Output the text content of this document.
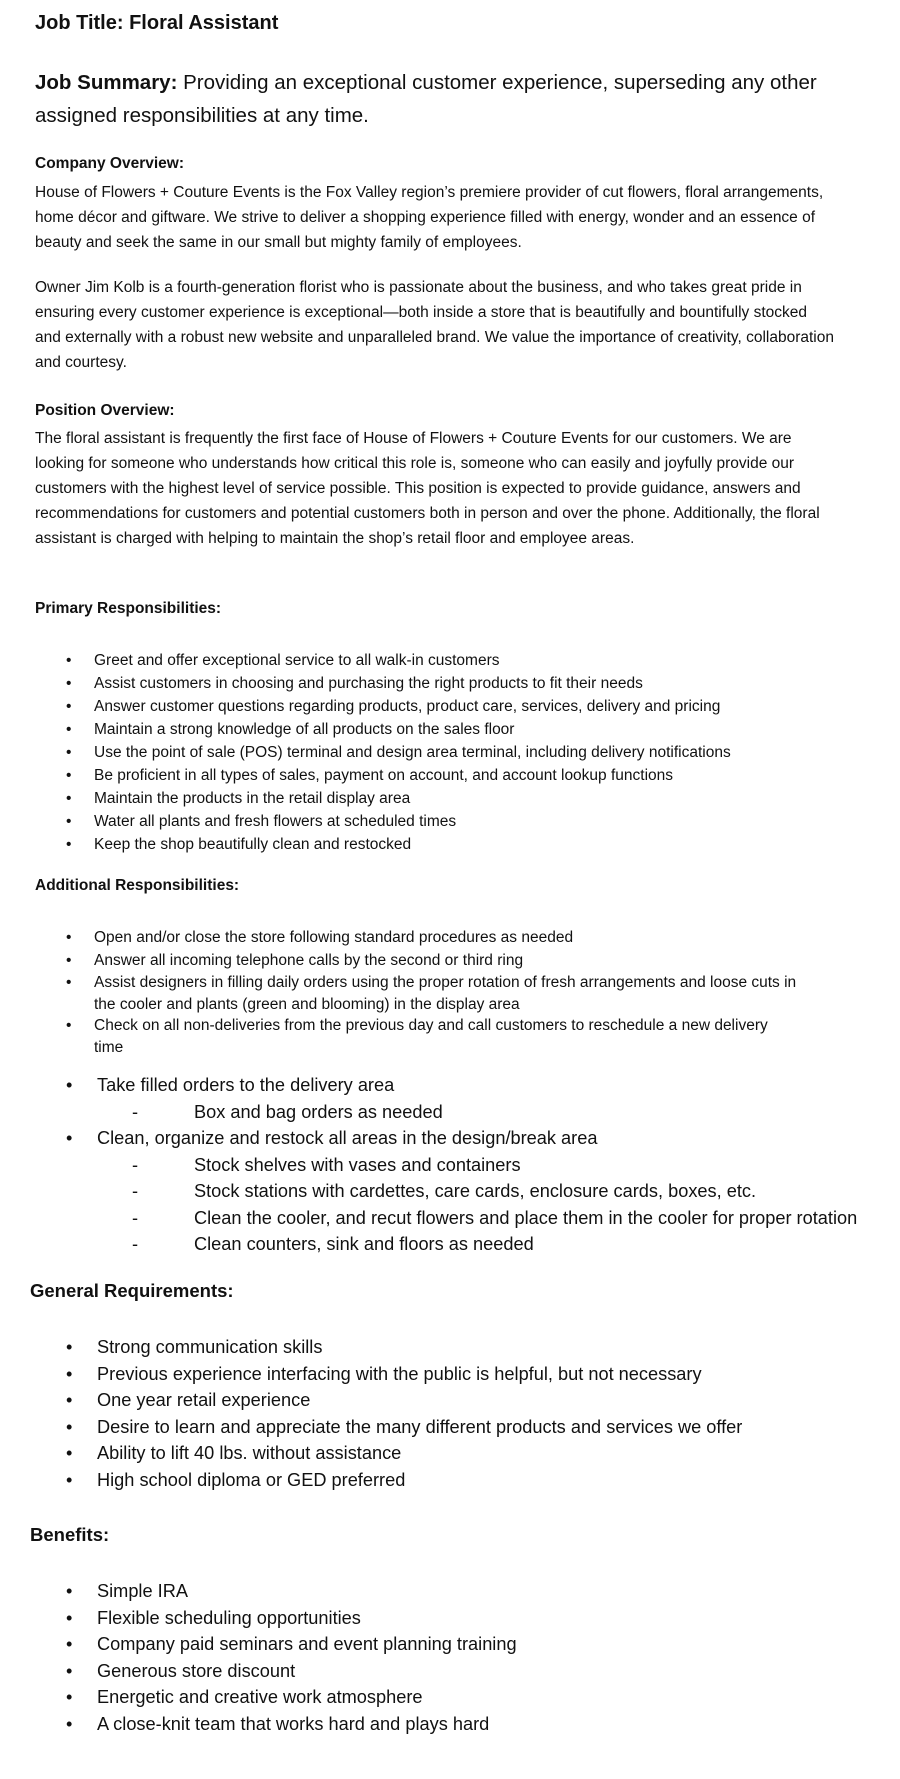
Job Title: Floral Assistant

Job Summary: Providing an exceptional customer experience, superseding any other assigned responsibilities at any time.

Company Overview:

House of Flowers + Couture Events is the Fox Valley region’s premiere provider of cut flowers, floral arrangements, home décor and giftware. We strive to deliver a shopping experience filled with energy, wonder and an essence of beauty and seek the same in our small but mighty family of employees.

Owner Jim Kolb is a fourth-generation florist who is passionate about the business, and who takes great pride in ensuring every customer experience is exceptional—both inside a store that is beautifully and bountifully stocked and externally with a robust new website and unparalleled brand. We value the importance of creativity, collaboration and courtesy.

Position Overview:

The floral assistant is frequently the first face of House of Flowers + Couture Events for our customers. We are looking for someone who understands how critical this role is, someone who can easily and joyfully provide our customers with the highest level of service possible. This position is expected to provide guidance, answers and recommendations for customers and potential customers both in person and over the phone. Additionally, the floral assistant is charged with helping to maintain the shop’s retail floor and employee areas.

Primary Responsibilities:
• Greet and offer exceptional service to all walk-in customers
• Assist customers in choosing and purchasing the right products to fit their needs
• Answer customer questions regarding products, product care, services, delivery and pricing
• Maintain a strong knowledge of all products on the sales floor
• Use the point of sale (POS) terminal and design area terminal, including delivery notifications
• Be proficient in all types of sales, payment on account, and account lookup functions
• Maintain the products in the retail display area
• Water all plants and fresh flowers at scheduled times
• Keep the shop beautifully clean and restocked
Additional Responsibilities:
• Open and/or close the store following standard procedures as needed
• Answer all incoming telephone calls by the second or third ring
• Assist designers in filling daily orders using the proper rotation of fresh arrangements and loose cuts in the cooler and plants (green and blooming) in the display area
• Check on all non-deliveries from the previous day and call customers to reschedule a new delivery time
• Take filled orders to the delivery area
-	Box and bag orders as needed
• Clean, organize and restock all areas in the design/break area
-	Stock shelves with vases and containers
-	Stock stations with cardettes, care cards, enclosure cards, boxes, etc.
-	Clean the cooler, and recut flowers and place them in the cooler for proper rotation
-	Clean counters, sink and floors as needed
General Requirements:
• Strong communication skills
• Previous experience interfacing with the public is helpful, but not necessary
• One year retail experience
• Desire to learn and appreciate the many different products and services we offer
• Ability to lift 40 lbs. without assistance
• High school diploma or GED preferred
Benefits:
• Simple IRA
• Flexible scheduling opportunities
• Company paid seminars and event planning training
• Generous store discount
• Energetic and creative work atmosphere
• A close-knit team that works hard and plays hard
